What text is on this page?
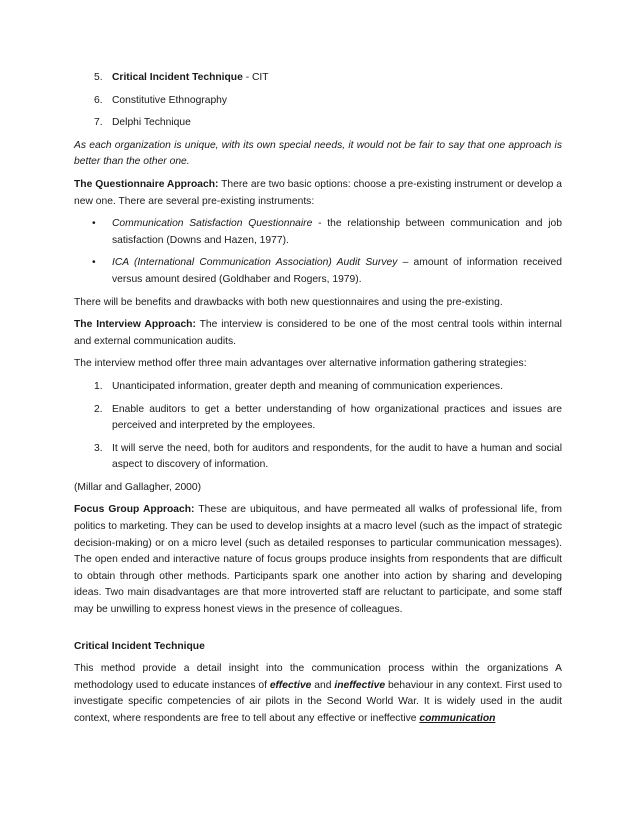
5. Critical Incident Technique - CIT
6. Constitutive Ethnography
7. Delphi Technique

As each organization is unique, with its own special needs, it would not be fair to say that one approach is better than the other one.

The Questionnaire Approach: There are two basic options: choose a pre-existing instrument or develop a new one. There are several pre-existing instruments:

• Communication Satisfaction Questionnaire - the relationship between communication and job satisfaction (Downs and Hazen, 1977).
• ICA (International Communication Association) Audit Survey – amount of information received versus amount desired (Goldhaber and Rogers, 1979).

There will be benefits and drawbacks with both new questionnaires and using the pre-existing.

The Interview Approach: The interview is considered to be one of the most central tools within internal and external communication audits.

The interview method offer three main advantages over alternative information gathering strategies:

1. Unanticipated information, greater depth and meaning of communication experiences.
2. Enable auditors to get a better understanding of how organizational practices and issues are perceived and interpreted by the employees.
3. It will serve the need, both for auditors and respondents, for the audit to have a human and social aspect to discovery of information.

(Millar and Gallagher, 2000)

Focus Group Approach: These are ubiquitous, and have permeated all walks of professional life, from politics to marketing. They can be used to develop insights at a macro level (such as the impact of strategic decision-making) or on a micro level (such as detailed responses to particular communication messages). The open ended and interactive nature of focus groups produce insights from respondents that are difficult to obtain through other methods. Participants spark one another into action by sharing and developing ideas. Two main disadvantages are that more introverted staff are reluctant to participate, and some staff may be unwilling to express honest views in the presence of colleagues.

Critical Incident Technique

This method provide a detail insight into the communication process within the organizations A methodology used to educate instances of effective and ineffective behaviour in any context. First used to investigate specific competencies of air pilots in the Second World War. It is widely used in the audit context, where respondents are free to tell about any effective or ineffective communication
